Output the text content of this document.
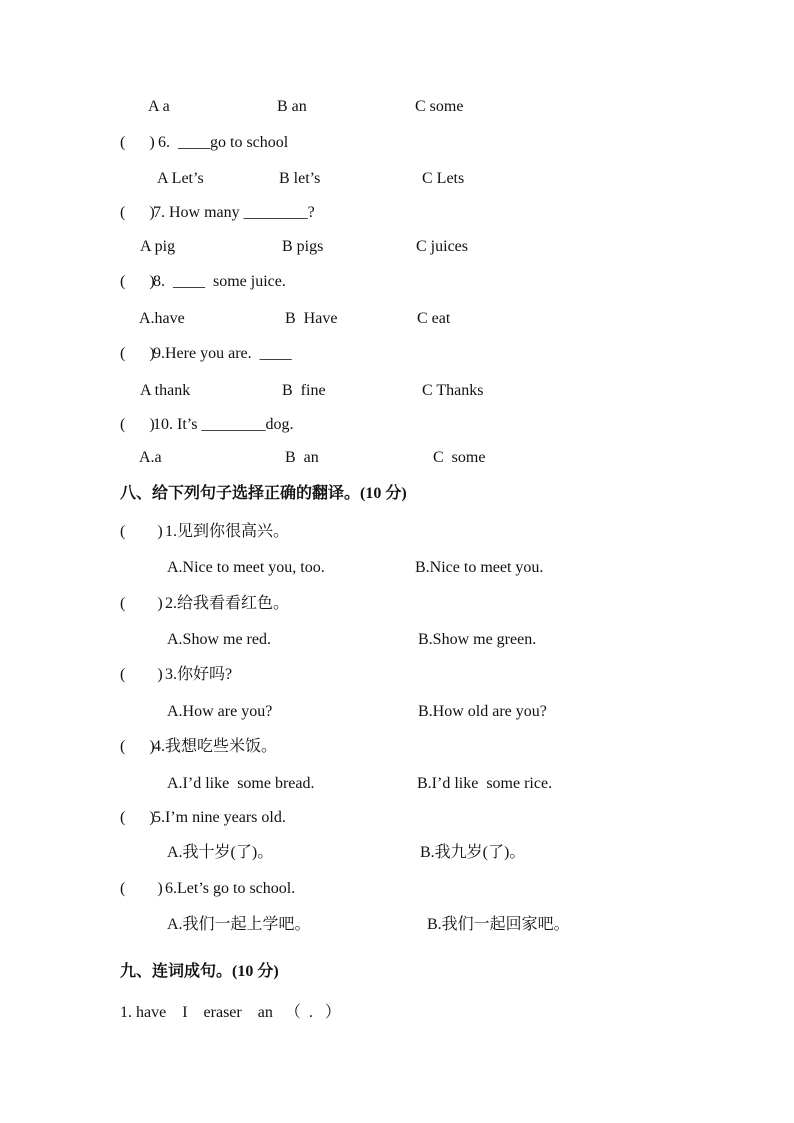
A a	B an	C some
(      ) 6.  ____go to school
A Let’s	B let’s	C Lets
(      )
7. How many ________?
A pig	B pigs	C juices
(      )
8.  ____  some juice.
A.have	B  Have	C eat
(      )
9.Here you are.  ____
A thank	B  fine	C Thanks
(      )
10. It’s ________dog.
A.a	B  an	C  some
八、给下列句子选择正确的翻译。(10 分)
(        ) 1.见到你很高兴。
A.Nice to meet you, too.	B.Nice to meet you.
(        ) 2.给我看看红色。
A.Show me red.	B.Show me green.
(        ) 3.你好吗?
A.How are you?	B.How old are you?
(      )
4.我想吃些米饭。
A.I’d like  some bread.	B.I’d like  some rice.
(      )
5.I’m nine years old.
A.我十岁(了)。	B.我九岁(了)。
(        ) 6.Let’s go to school.
A.我们一起上学吧。	B.我们一起回家吧。
九、连词成句。(10 分)
1. have    I    eraser    an   （  .   ）
